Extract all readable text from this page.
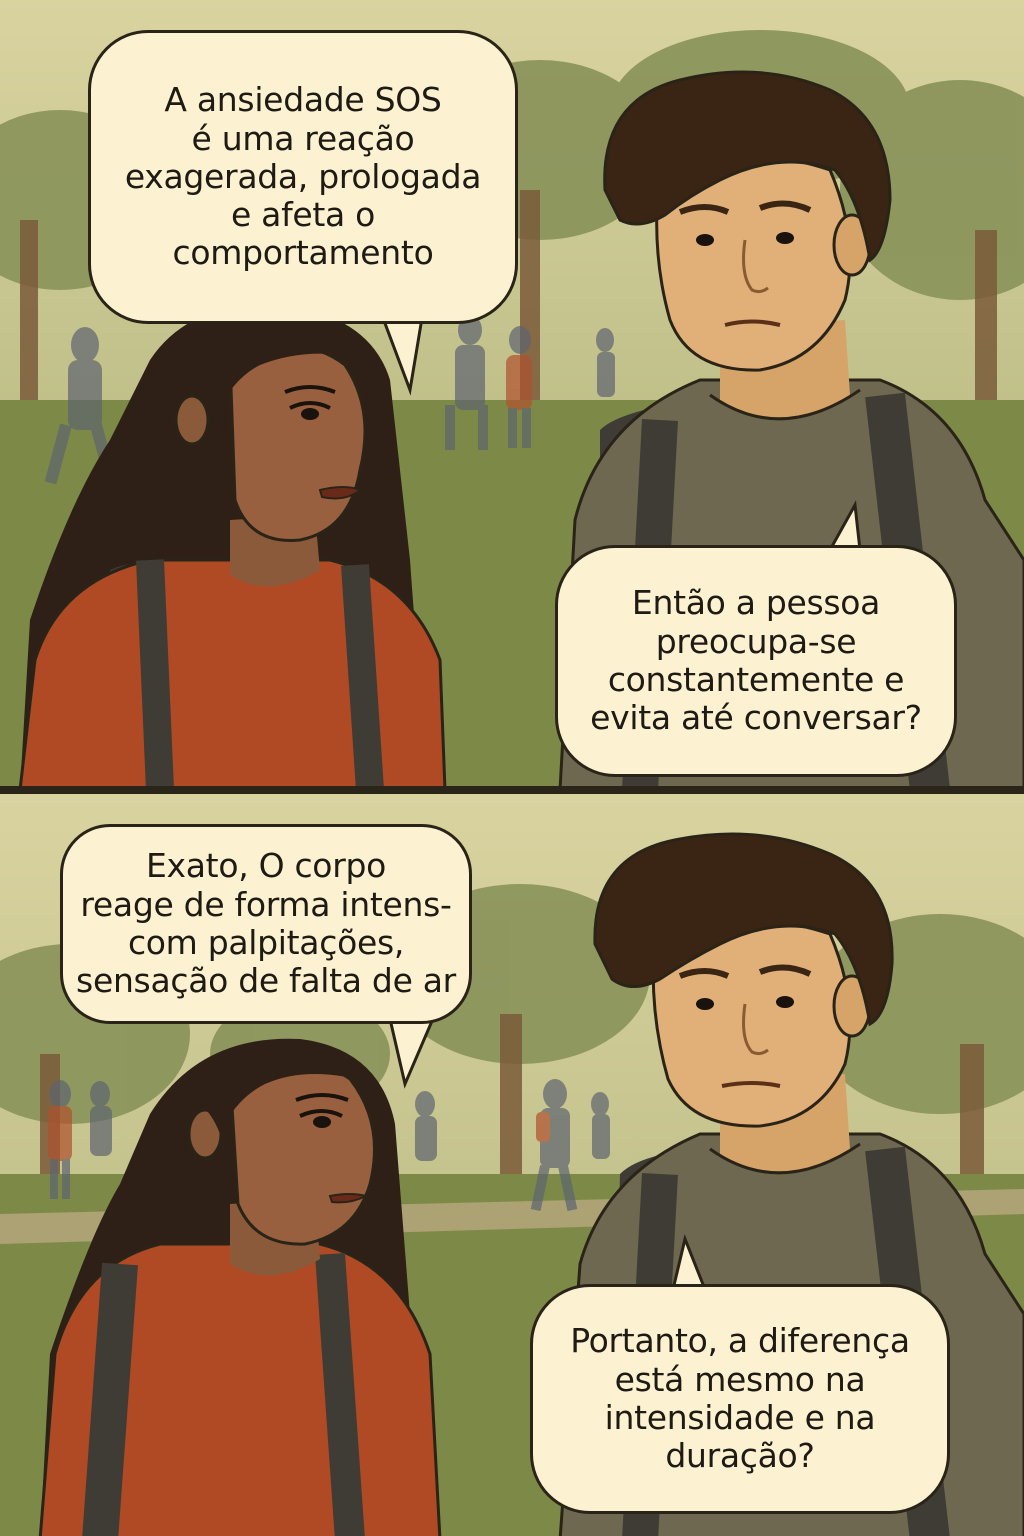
A ansiedade SOS
é uma reação
exagerada, prologada
e afeta o
comportamento
Então a pessoa
preocupa-se
constantemente e
evita até conversar?
Exato, O corpo
reage de forma intens-
com palpitações,
sensação de falta de ar
Portanto, a diferença
está mesmo na
intensidade e na
duração?
